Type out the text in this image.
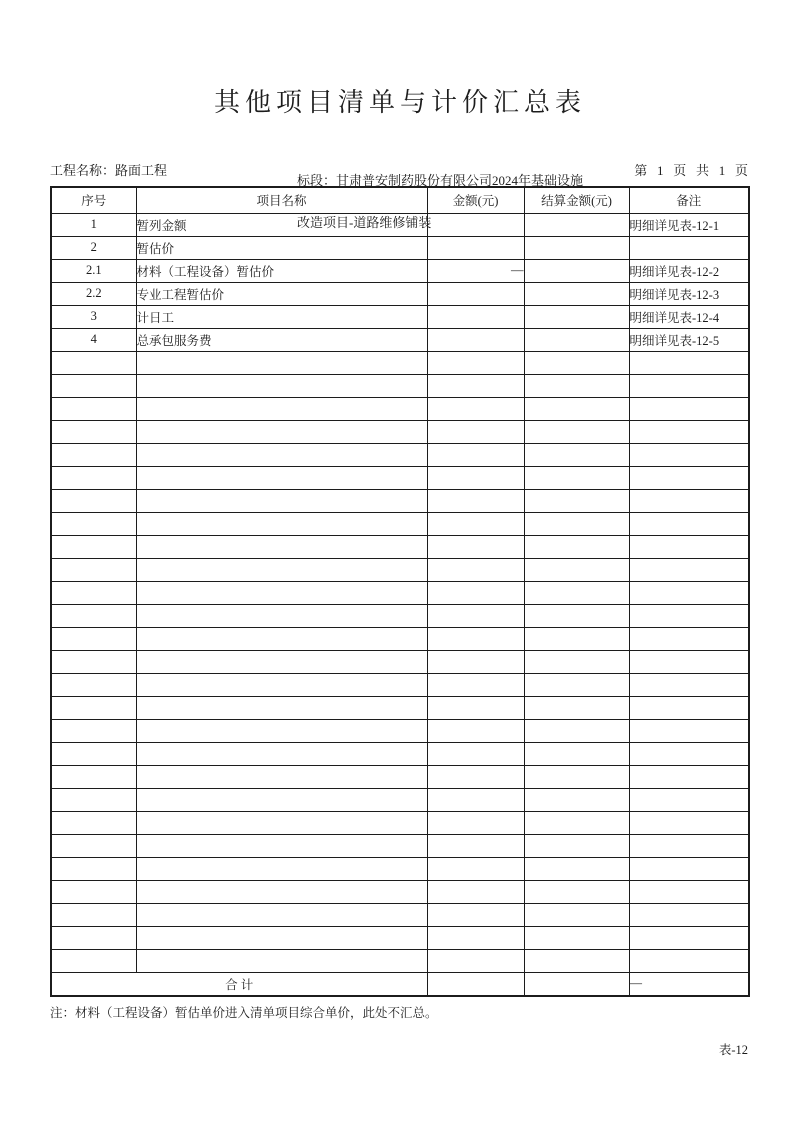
其他项目清单与计价汇总表
工程名称：路面工程

标段：甘肃普安制药股份有限公司2024年基础设施

改造项目-道路维修铺装

第   1   页   共   1   页
序号	项目名称	金额(元)	结算金额(元)	备注
1	暂列金额			明细详见表-12-1
2	暂估价			
2.1	材料（工程设备）暂估价	—		明细详见表-12-2
2.2	专业工程暂估价			明细详见表-12-3
3	计日工			明细详见表-12-4
4	总承包服务费			明细详见表-12-5

合 计				—
注：材料（工程设备）暂估单价进入清单项目综合单价，此处不汇总。
表-12
